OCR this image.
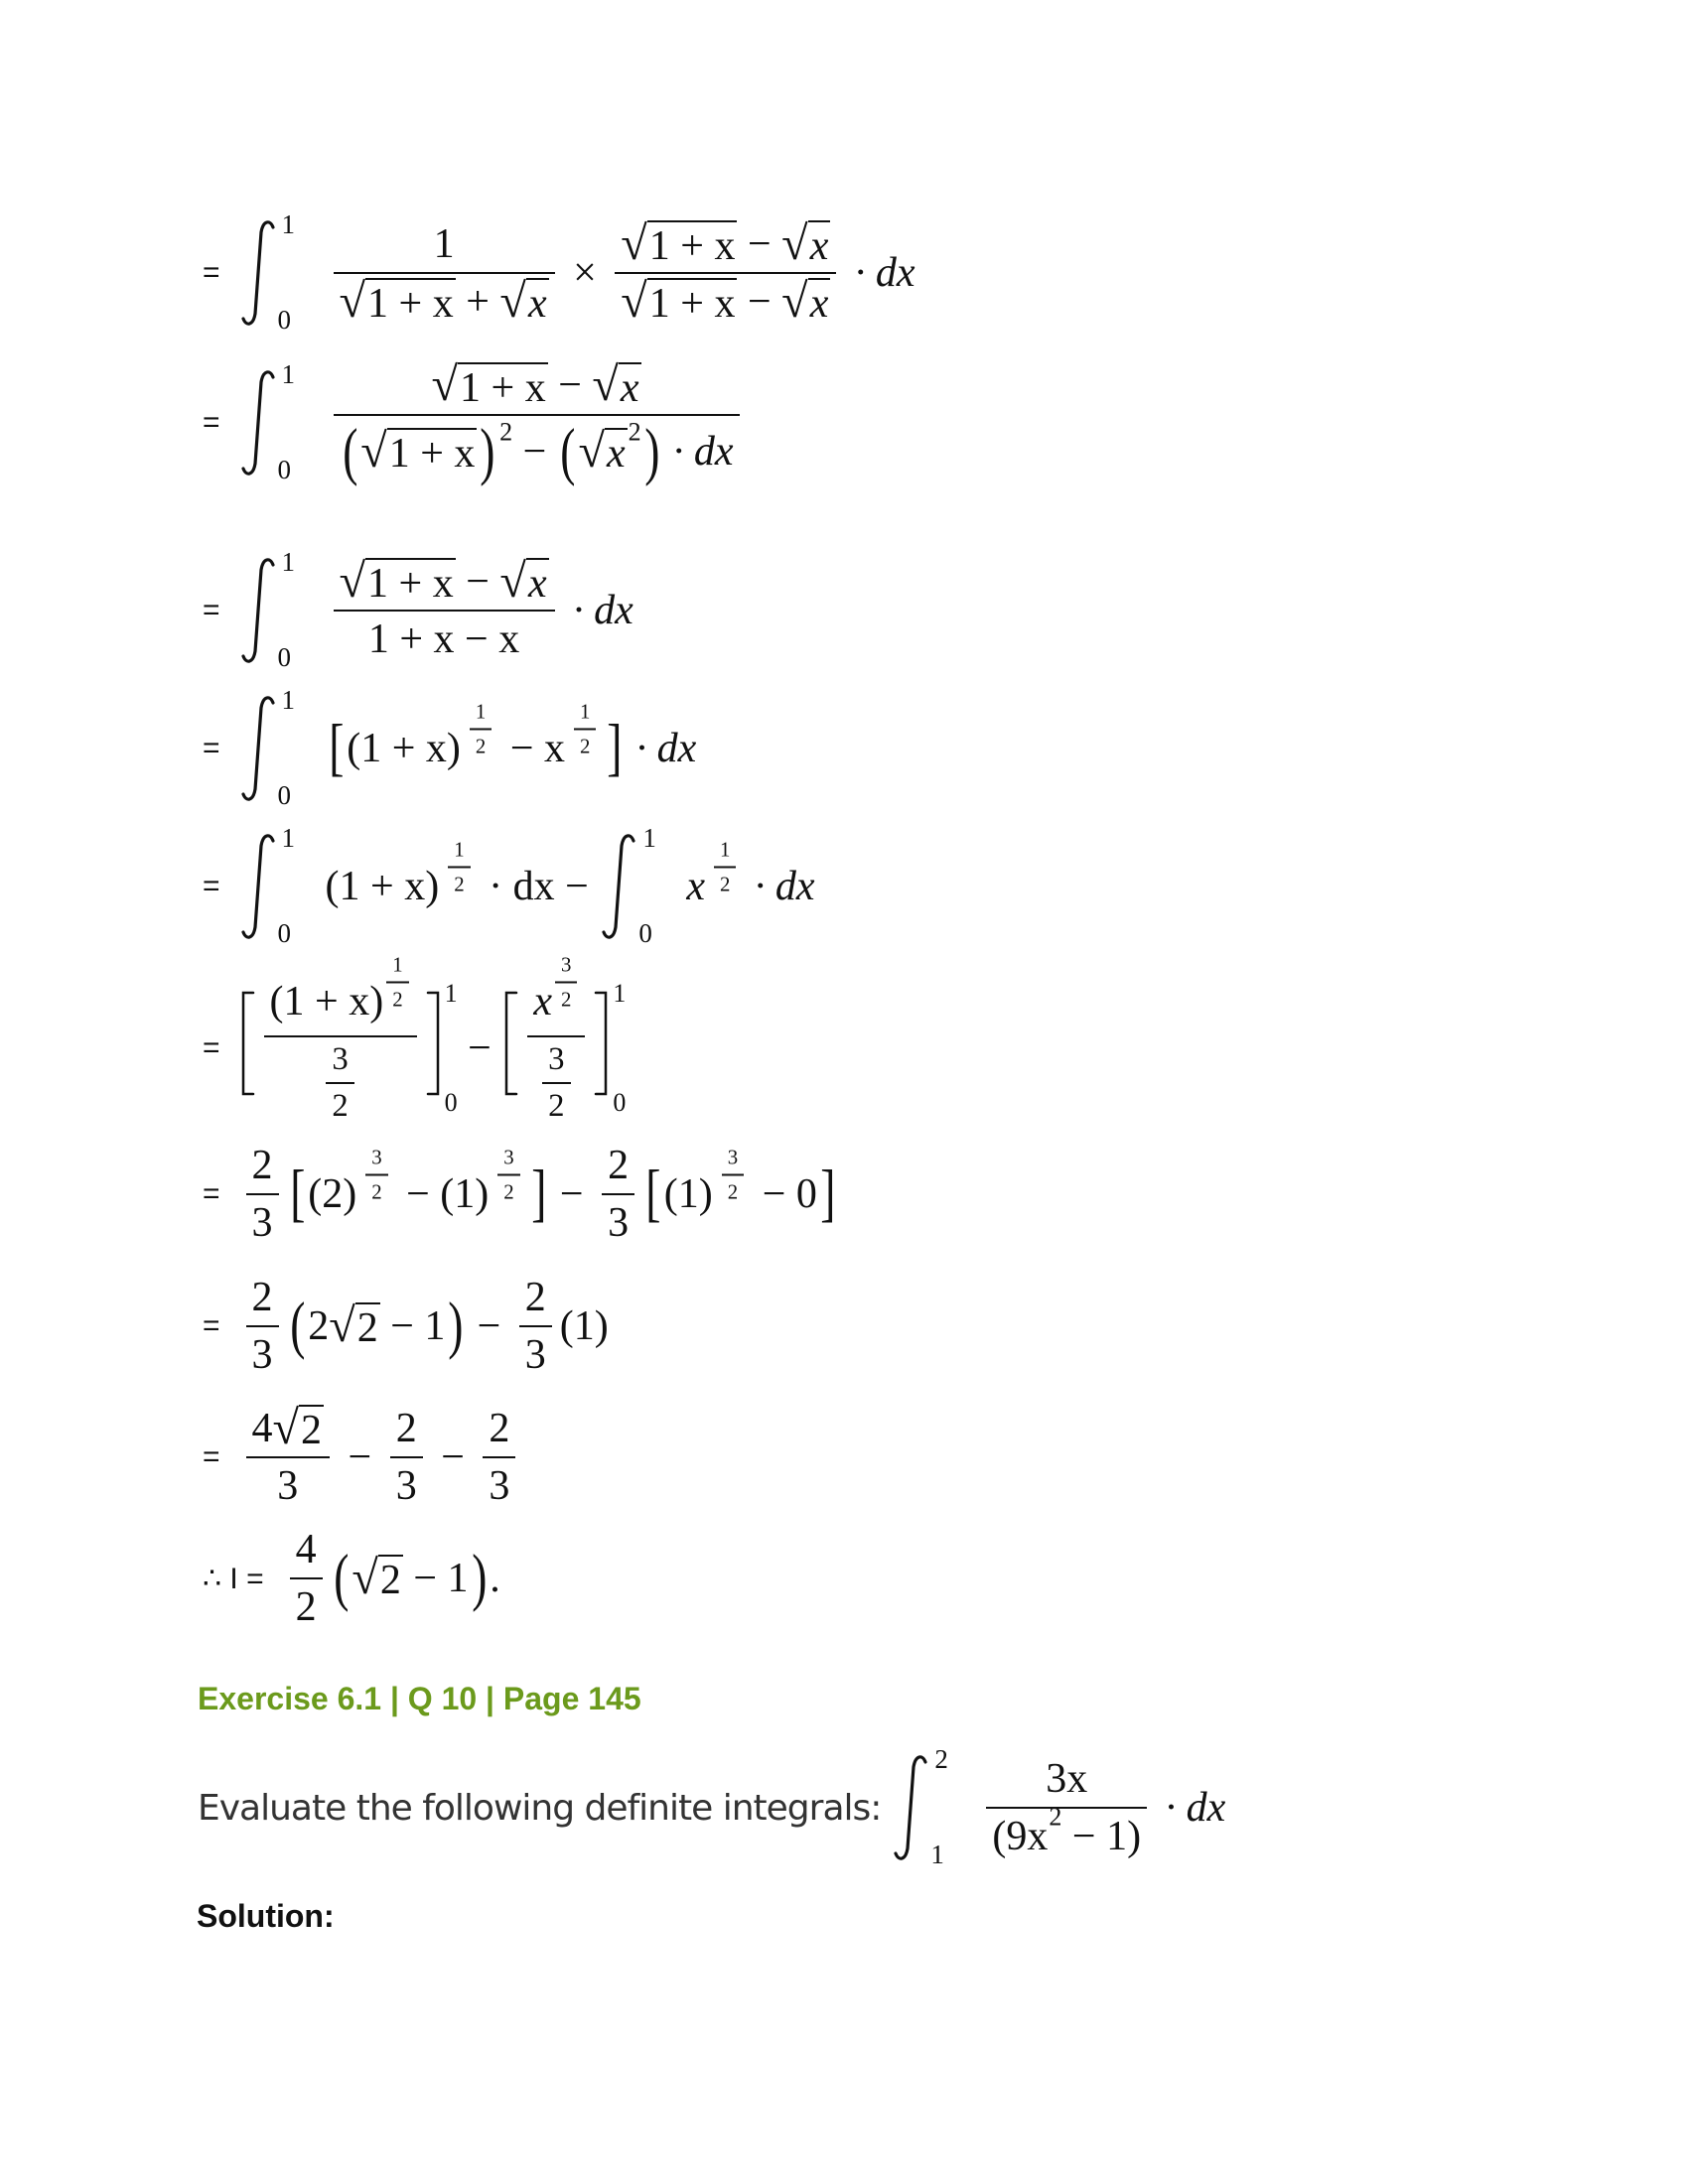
=
1
$0 \frac{1}{√ 1 + x + √ x} \times \frac{√ 1 + x - √ x}{√ 1 + x - √ x}$ · dx
=
1
$0 \frac{√ 1 + x - √ x}{( √ 1 + x ) 2 - ( √ x 2 ) \cdot dx}$
=
1
$0 \frac{√ 1 + x - √ x}{1 + x - x}$ · dx
=
1
0
[ $(1 + x) \frac{1}{2} - x \frac{1}{2}$ ] · dx
=
1
0
$(1 + x) \frac{1}{2}$ · dx −
1
0
x $\frac{1}{2}$ · dx
= $\frac{(1 + x) \frac{1}{2}}{\frac{3}{2}} 1$
0
− $\frac{x \frac{3}{2}}{\frac{3}{2}} 1$
0
= $\frac{2}{3}$ [ $(2) \frac{3}{2} - (1) \frac{3}{2}$ ] − $\frac{2}{3}$ [ $(1) \frac{3}{2} - 0$ ]
= $\frac{2}{3}$ ( 2 √ 2 − 1 ) − $\frac{2}{3} (1)$
= $\frac{4 √ 2}{3} - \frac{2}{3} - \frac{2}{3}$
∴ $I = \frac{4}{2}$ ( √ 2 − 1 ) .
Exercise 6.1 | Q 10 | Page 145
Evaluate the following definite integrals:
2
$1 \frac{3x}{(9x 2 - 1)}$ · dx
Solution:
